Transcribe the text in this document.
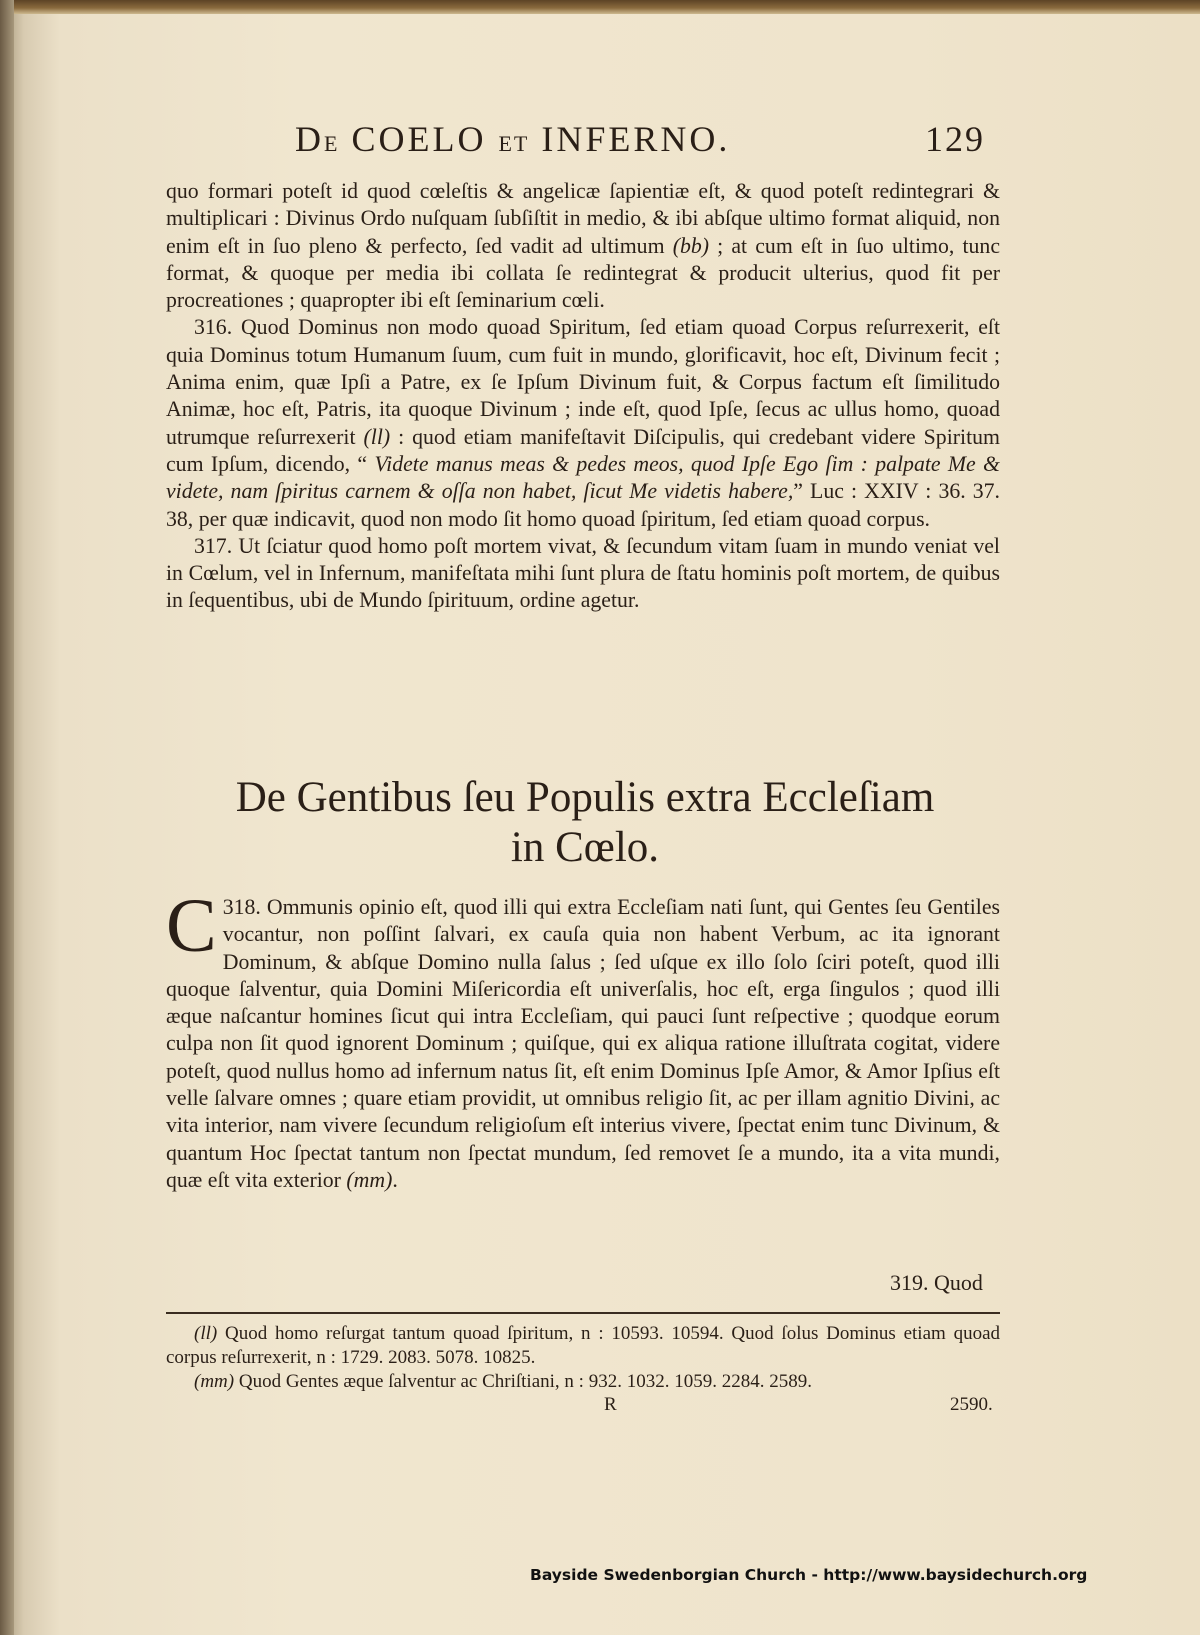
DE COELO ET INFERNO.	129

quo formari poteſt id quod cœleſtis & angelicæ ſapientiæ eſt, & quod poteſt redintegrari & multiplicari : Divinus Ordo nuſquam ſubſiſtit in medio, & ibi abſque ultimo format aliquid, non enim eſt in ſuo pleno & perfecto, ſed vadit ad ultimum (bb) ; at cum eſt in ſuo ultimo, tunc format, & quoque per media ibi collata ſe redintegrat & producit ulterius, quod fit per procreationes ; quapropter ibi eſt ſeminarium cœli.

316. Quod Dominus non modo quoad Spiritum, ſed etiam quoad Corpus reſurrexerit, eſt quia Dominus totum Humanum ſuum, cum fuit in mundo, glorificavit, hoc eſt, Divinum fecit ; Anima enim, quæ Ipſi a Patre, ex ſe Ipſum Divinum fuit, & Corpus factum eſt ſimilitudo Animæ, hoc eſt, Patris, ita quoque Divinum ; inde eſt, quod Ipſe, ſecus ac ullus homo, quoad utrumque reſurrexerit (ll) : quod etiam manifeſtavit Diſcipulis, qui credebant videre Spiritum cum Ipſum, dicendo, “ Videte manus meas & pedes meos, quod Ipſe Ego ſim : palpate Me & videte, nam ſpiritus carnem & oſſa non habet, ſicut Me videtis habere,” Luc : XXIV : 36. 37. 38, per quæ indicavit, quod non modo ſit homo quoad ſpiritum, ſed etiam quoad corpus.

317. Ut ſciatur quod homo poſt mortem vivat, & ſecundum vitam ſuam in mundo veniat vel in Cœlum, vel in Infernum, manifeſtata mihi ſunt plura de ſtatu hominis poſt mortem, de quibus in ſequentibus, ubi de Mundo ſpirituum, ordine agetur.

De Gentibus ſeu Populis extra Eccleſiam
in Cœlo.

318.
C Ommunis opinio eſt, quod illi qui extra Eccleſiam nati ſunt, qui Gentes ſeu Gentiles vocantur, non poſſint ſalvari, ex cauſa quia non habent Verbum, ac ita ignorant Dominum, & abſque Domino nulla ſalus ; ſed uſque ex illo ſolo ſciri poteſt, quod illi quoque ſalventur, quia Domini Miſericordia eſt univerſalis, hoc eſt, erga ſingulos ; quod illi æque naſcantur homines ſicut qui intra Eccleſiam, qui pauci ſunt reſpective ; quodque eorum culpa non ſit quod ignorent Dominum ; quiſque, qui ex aliqua ratione illuſtrata cogitat, videre poteſt, quod nullus homo ad infernum natus ſit, eſt enim Dominus Ipſe Amor, & Amor Ipſius eſt velle ſalvare omnes ; quare etiam providit, ut omnibus religio ſit, ac per illam agnitio Divini, ac vita interior, nam vivere ſecundum religioſum eſt interius vivere, ſpectat enim tunc Divinum, & quantum Hoc ſpectat tantum non ſpectat mundum, ſed removet ſe a mundo, ita a vita mundi, quæ eſt vita exterior (mm).

319. Quod

(ll) Quod homo reſurgat tantum quoad ſpiritum, n : 10593. 10594. Quod ſolus Dominus etiam quoad corpus reſurrexerit, n : 1729. 2083. 5078. 10825.

(mm) Quod Gentes æque ſalventur ac Chriſtiani, n : 932. 1032. 1059. 2284. 2589.

R	2590.
Bayside Swedenborgian Church - http://www.baysidechurch.org
